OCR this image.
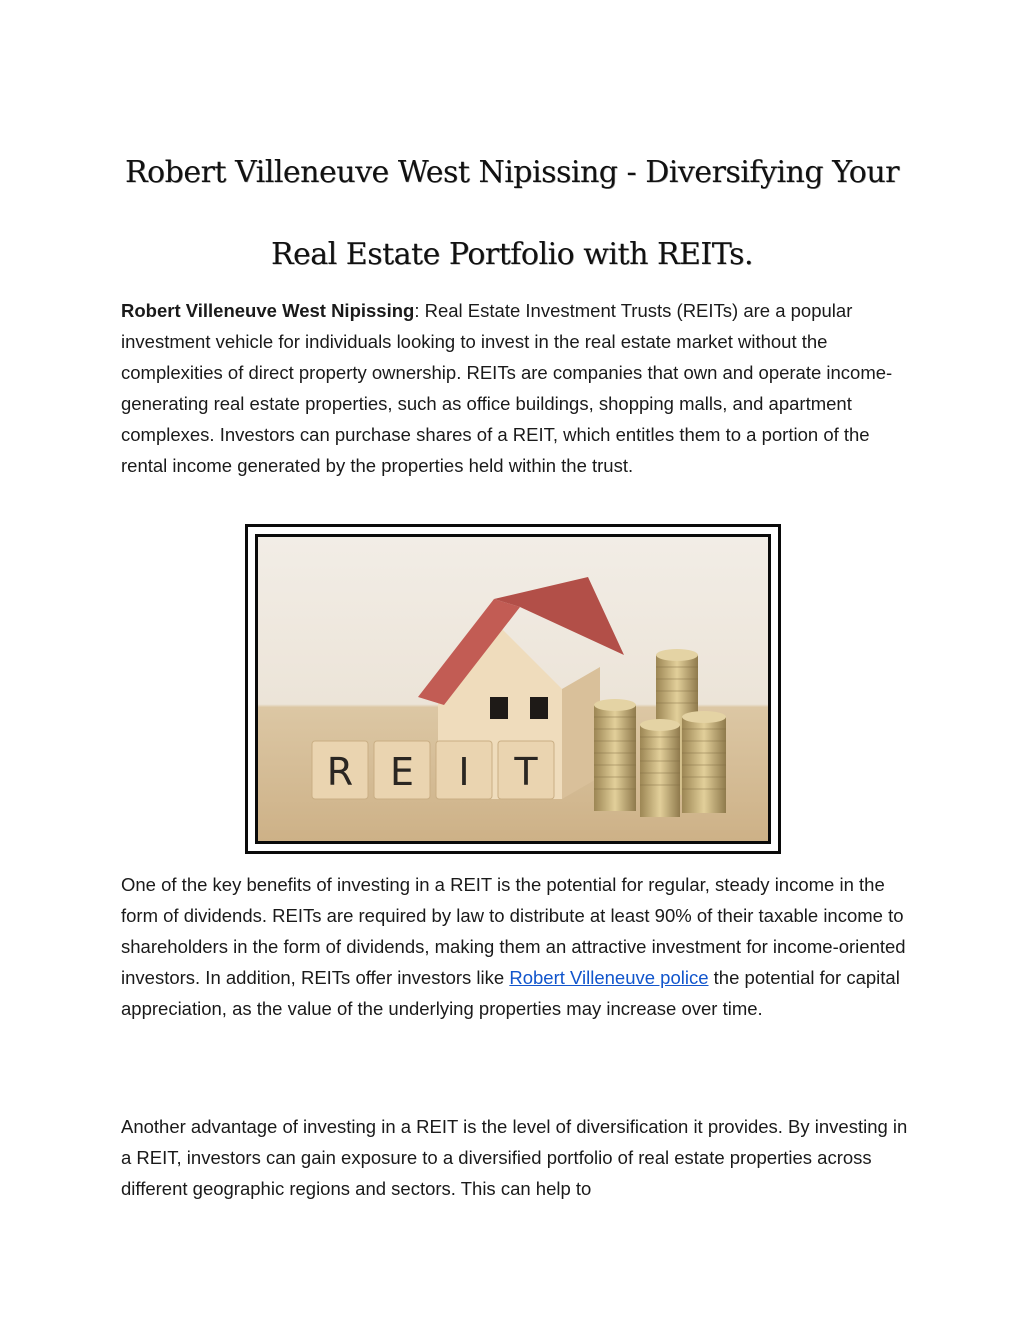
Robert Villeneuve West Nipissing - Diversifying Your
Real Estate Portfolio with REITs.

Robert Villeneuve West Nipissing: Real Estate Investment Trusts (REITs) are a popular investment vehicle for individuals looking to invest in the real estate market without the complexities of direct property ownership. REITs are companies that own and operate income-generating real estate properties, such as office buildings, shopping malls, and apartment complexes. Investors can purchase shares of a REIT, which entitles them to a portion of the rental income generated by the properties held within the trust.

R E I T

One of the key benefits of investing in a REIT is the potential for regular, steady income in the form of dividends. REITs are required by law to distribute at least 90% of their taxable income to shareholders in the form of dividends, making them an attractive investment for income-oriented investors. In addition, REITs offer investors like Robert Villeneuve police the potential for capital appreciation, as the value of the underlying properties may increase over time.

Another advantage of investing in a REIT is the level of diversification it provides. By investing in a REIT, investors can gain exposure to a diversified portfolio of real estate properties across different geographic regions and sectors. This can help to
